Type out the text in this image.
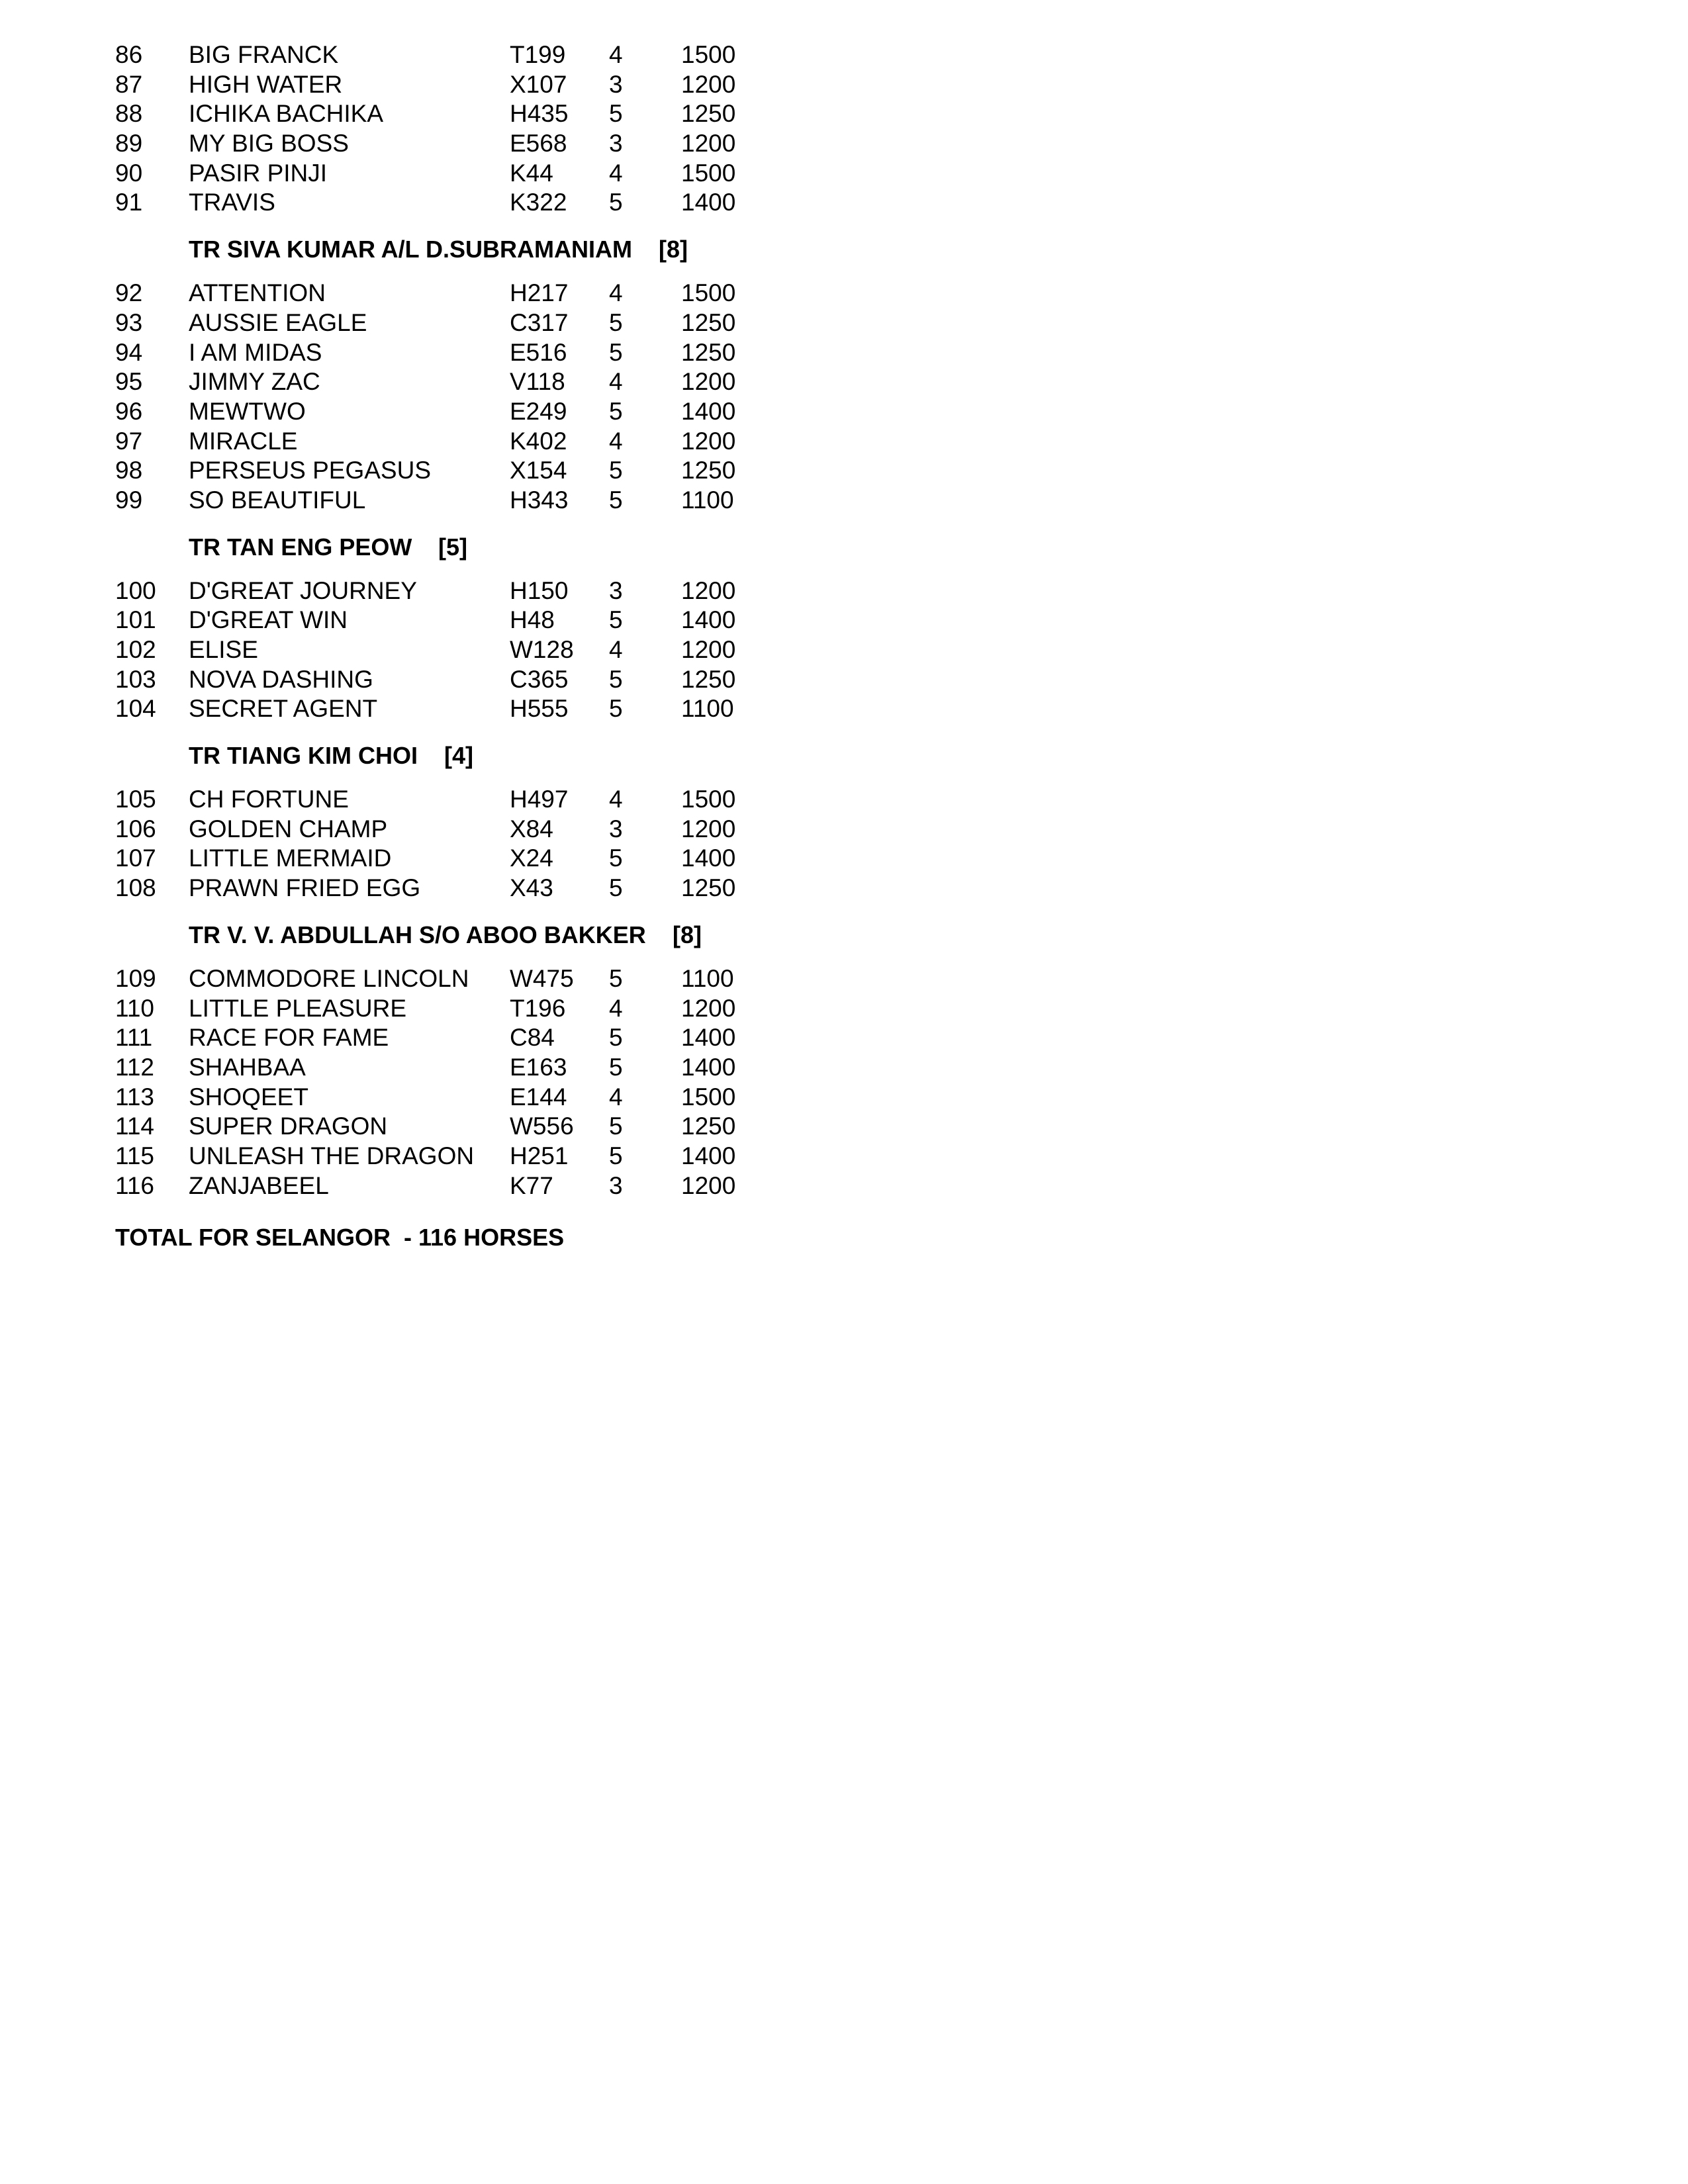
86 BIG FRANCK	T199 4 1500
87 HIGH WATER	X107 3 1200
88 ICHIKA BACHIKA	H435 5 1250
89 MY BIG BOSS	E568 3 1200
90 PASIR PINJI	K44 4 1500
91 TRAVIS	K322 5 1400
TR SIVA KUMAR A/L D.SUBRAMANIAM [8]
92 ATTENTION	H217 4 1500
93 AUSSIE EAGLE	C317 5 1250
94 I AM MIDAS	E516 5 1250
95 JIMMY ZAC	V118 4 1200
96 MEWTWO	E249 5 1400
97 MIRACLE	K402 4 1200
98 PERSEUS PEGASUS	X154 5 1250
99 SO BEAUTIFUL	H343 5 1100
TR TAN ENG PEOW [5]
100 D'GREAT JOURNEY	H150 3 1200
101 D'GREAT WIN	H48 5 1400
102 ELISE	W128 4 1200
103 NOVA DASHING	C365 5 1250
104 SECRET AGENT	H555 5 1100
TR TIANG KIM CHOI [4]
105 CH FORTUNE	H497 4 1500
106 GOLDEN CHAMP	X84 3 1200
107 LITTLE MERMAID	X24 5 1400
108 PRAWN FRIED EGG	X43 5 1250
TR V. V. ABDULLAH S/O ABOO BAKKER [8]
109 COMMODORE LINCOLN W475 5 1100
110 LITTLE PLEASURE	T196 4 1200
111 RACE FOR FAME	C84 5 1400
112 SHAHBAA	E163 5 1400
113 SHOQEET	E144 4 1500
114 SUPER DRAGON	W556 5 1250
115 UNLEASH THE DRAGON H251 5 1400
116 ZANJABEEL	K77 3 1200
TOTAL FOR SELANGOR  - 116 HORSES
